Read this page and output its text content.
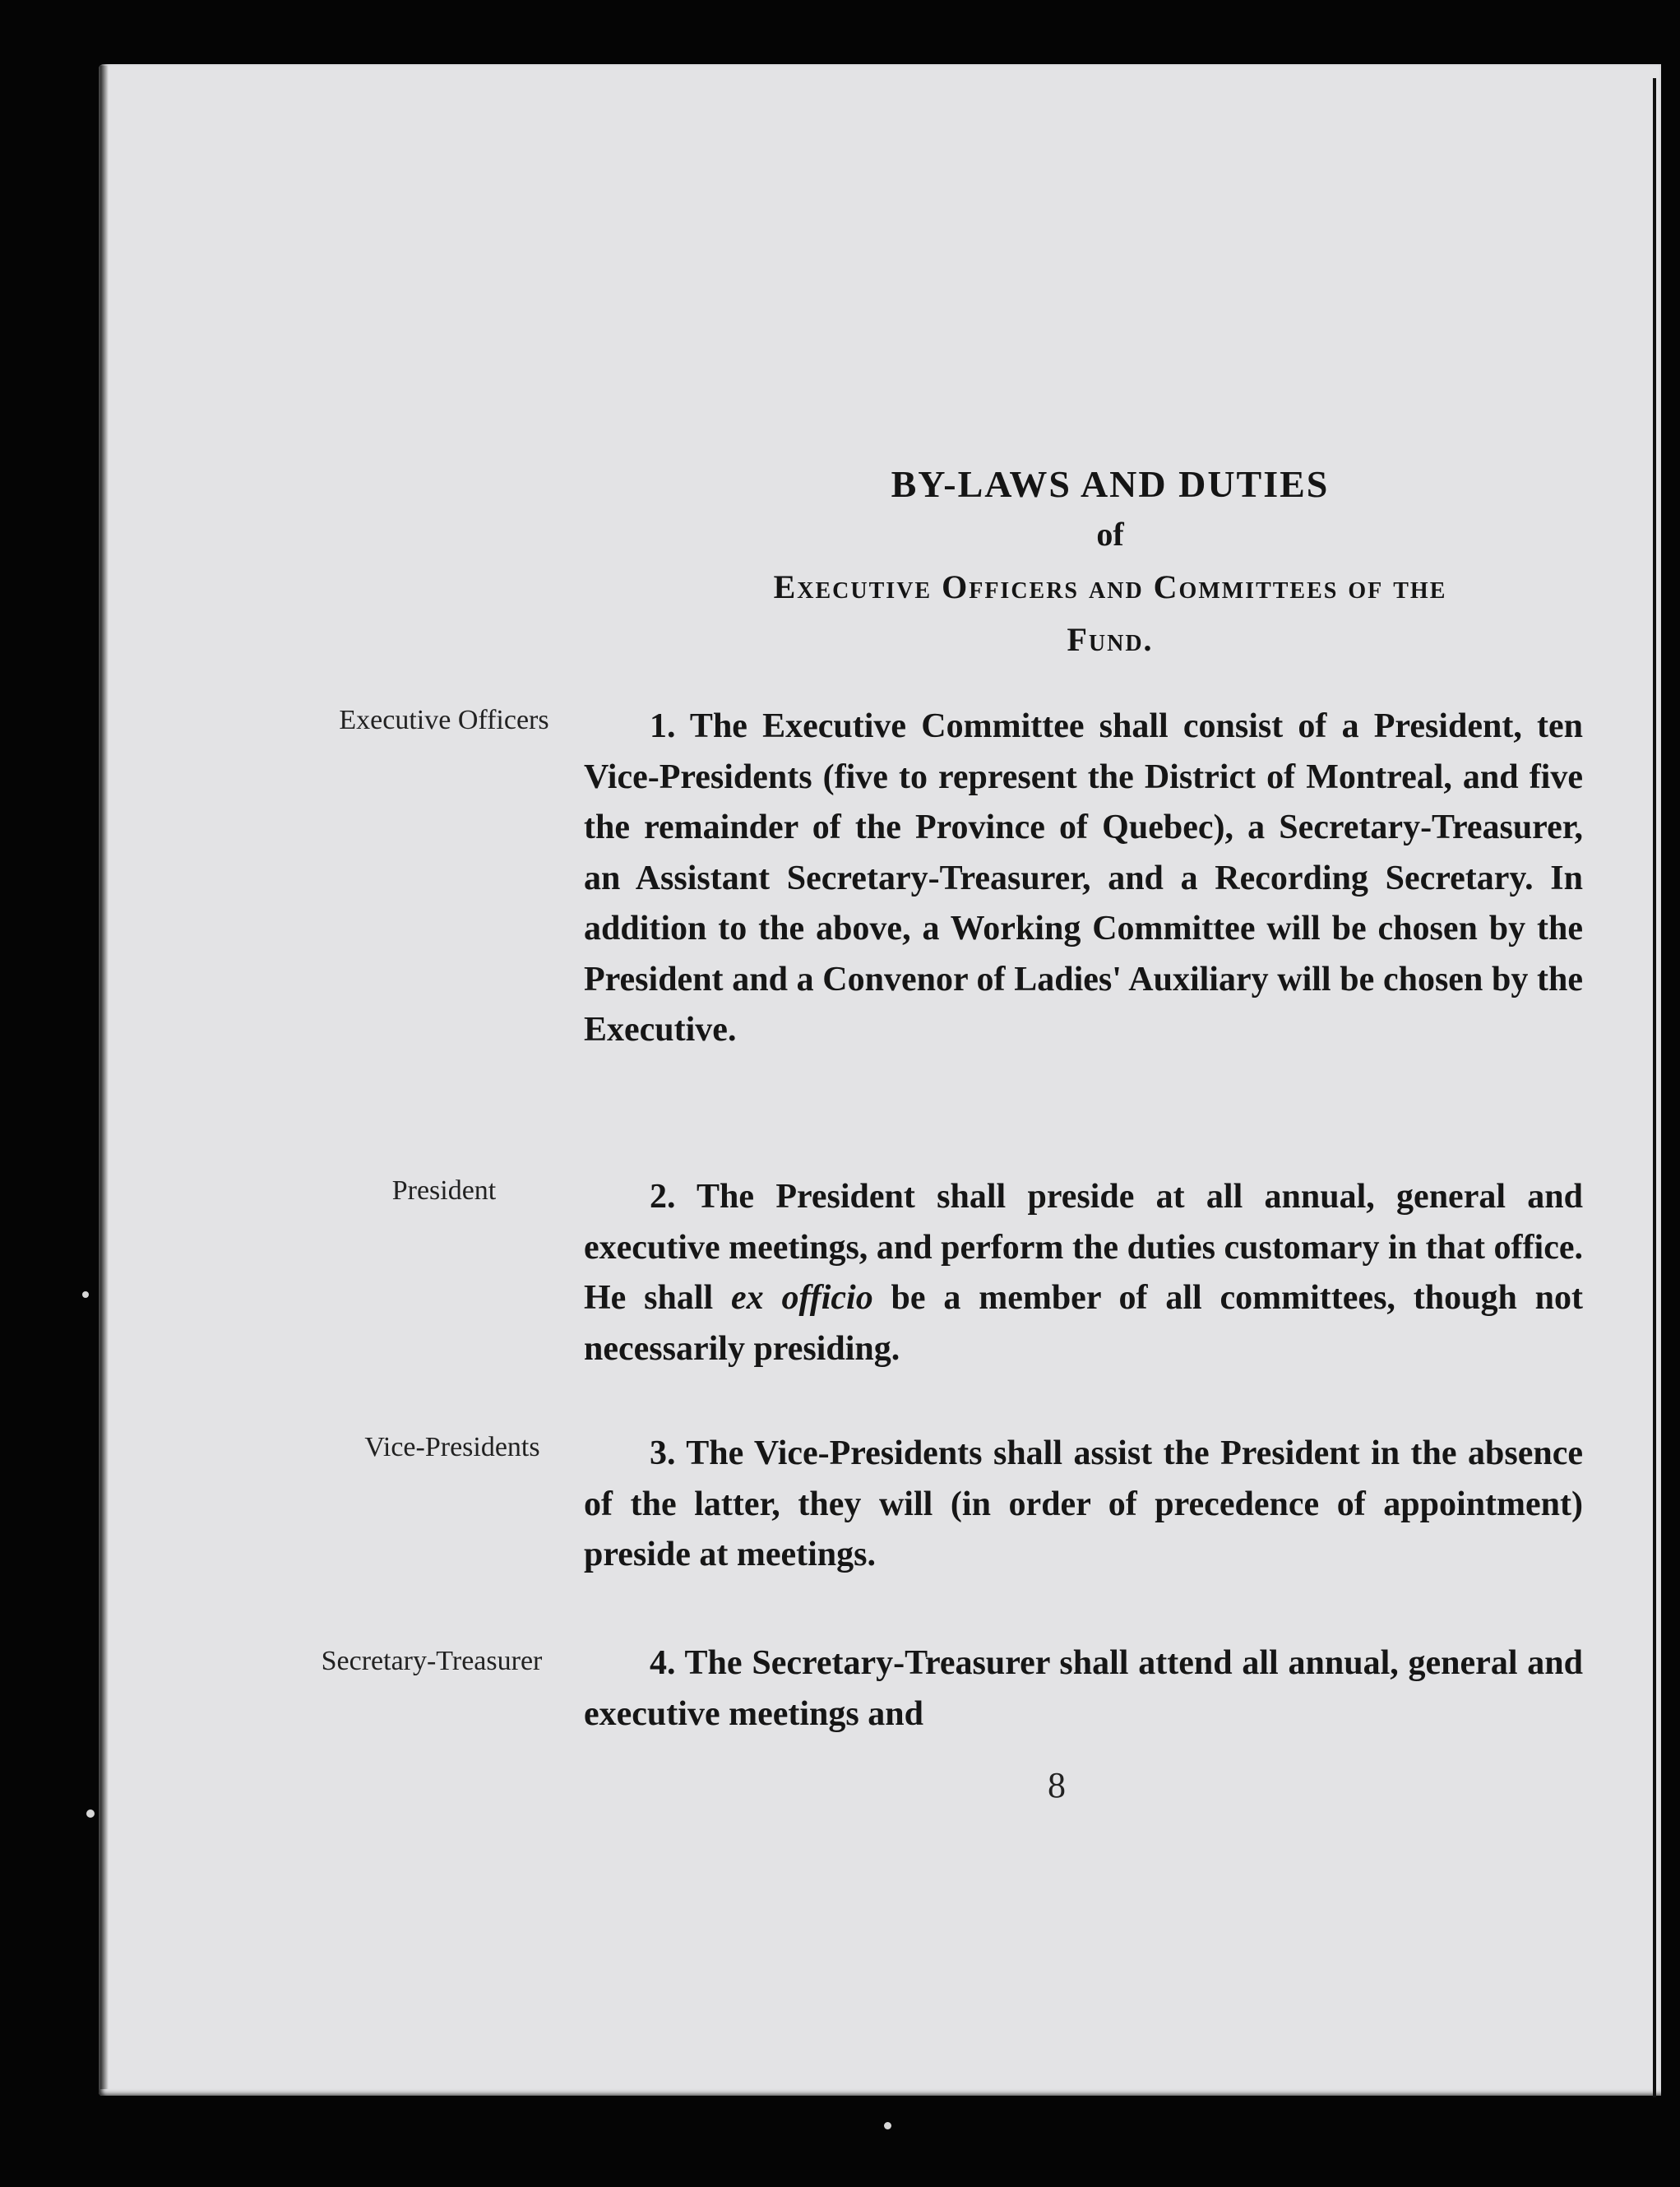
BY-LAWS AND DUTIES

of

Executive Officers and Committees of the

Fund.

Executive Officers	1. The Executive Committee shall consist of a President, ten Vice-Presidents (five to represent the District of Montreal, and five the remainder of the Province of Quebec), a Secretary-Treasurer, an Assistant Secretary-Treasurer, and a Recording Secretary. In addition to the above, a Working Committee will be chosen by the President and a Convenor of Ladies' Auxiliary will be chosen by the Executive.

President	2. The President shall preside at all annual, general and executive meetings, and perform the duties customary in that office. He shall ex officio be a member of all committees, though not necessarily presiding.

Vice-Presidents	3. The Vice-Presidents shall assist the President in the absence of the latter, they will (in order of precedence of appointment) preside at meetings.

Secretary-Treasurer	4. The Secretary-Treasurer shall attend all annual, general and executive meetings and

8
